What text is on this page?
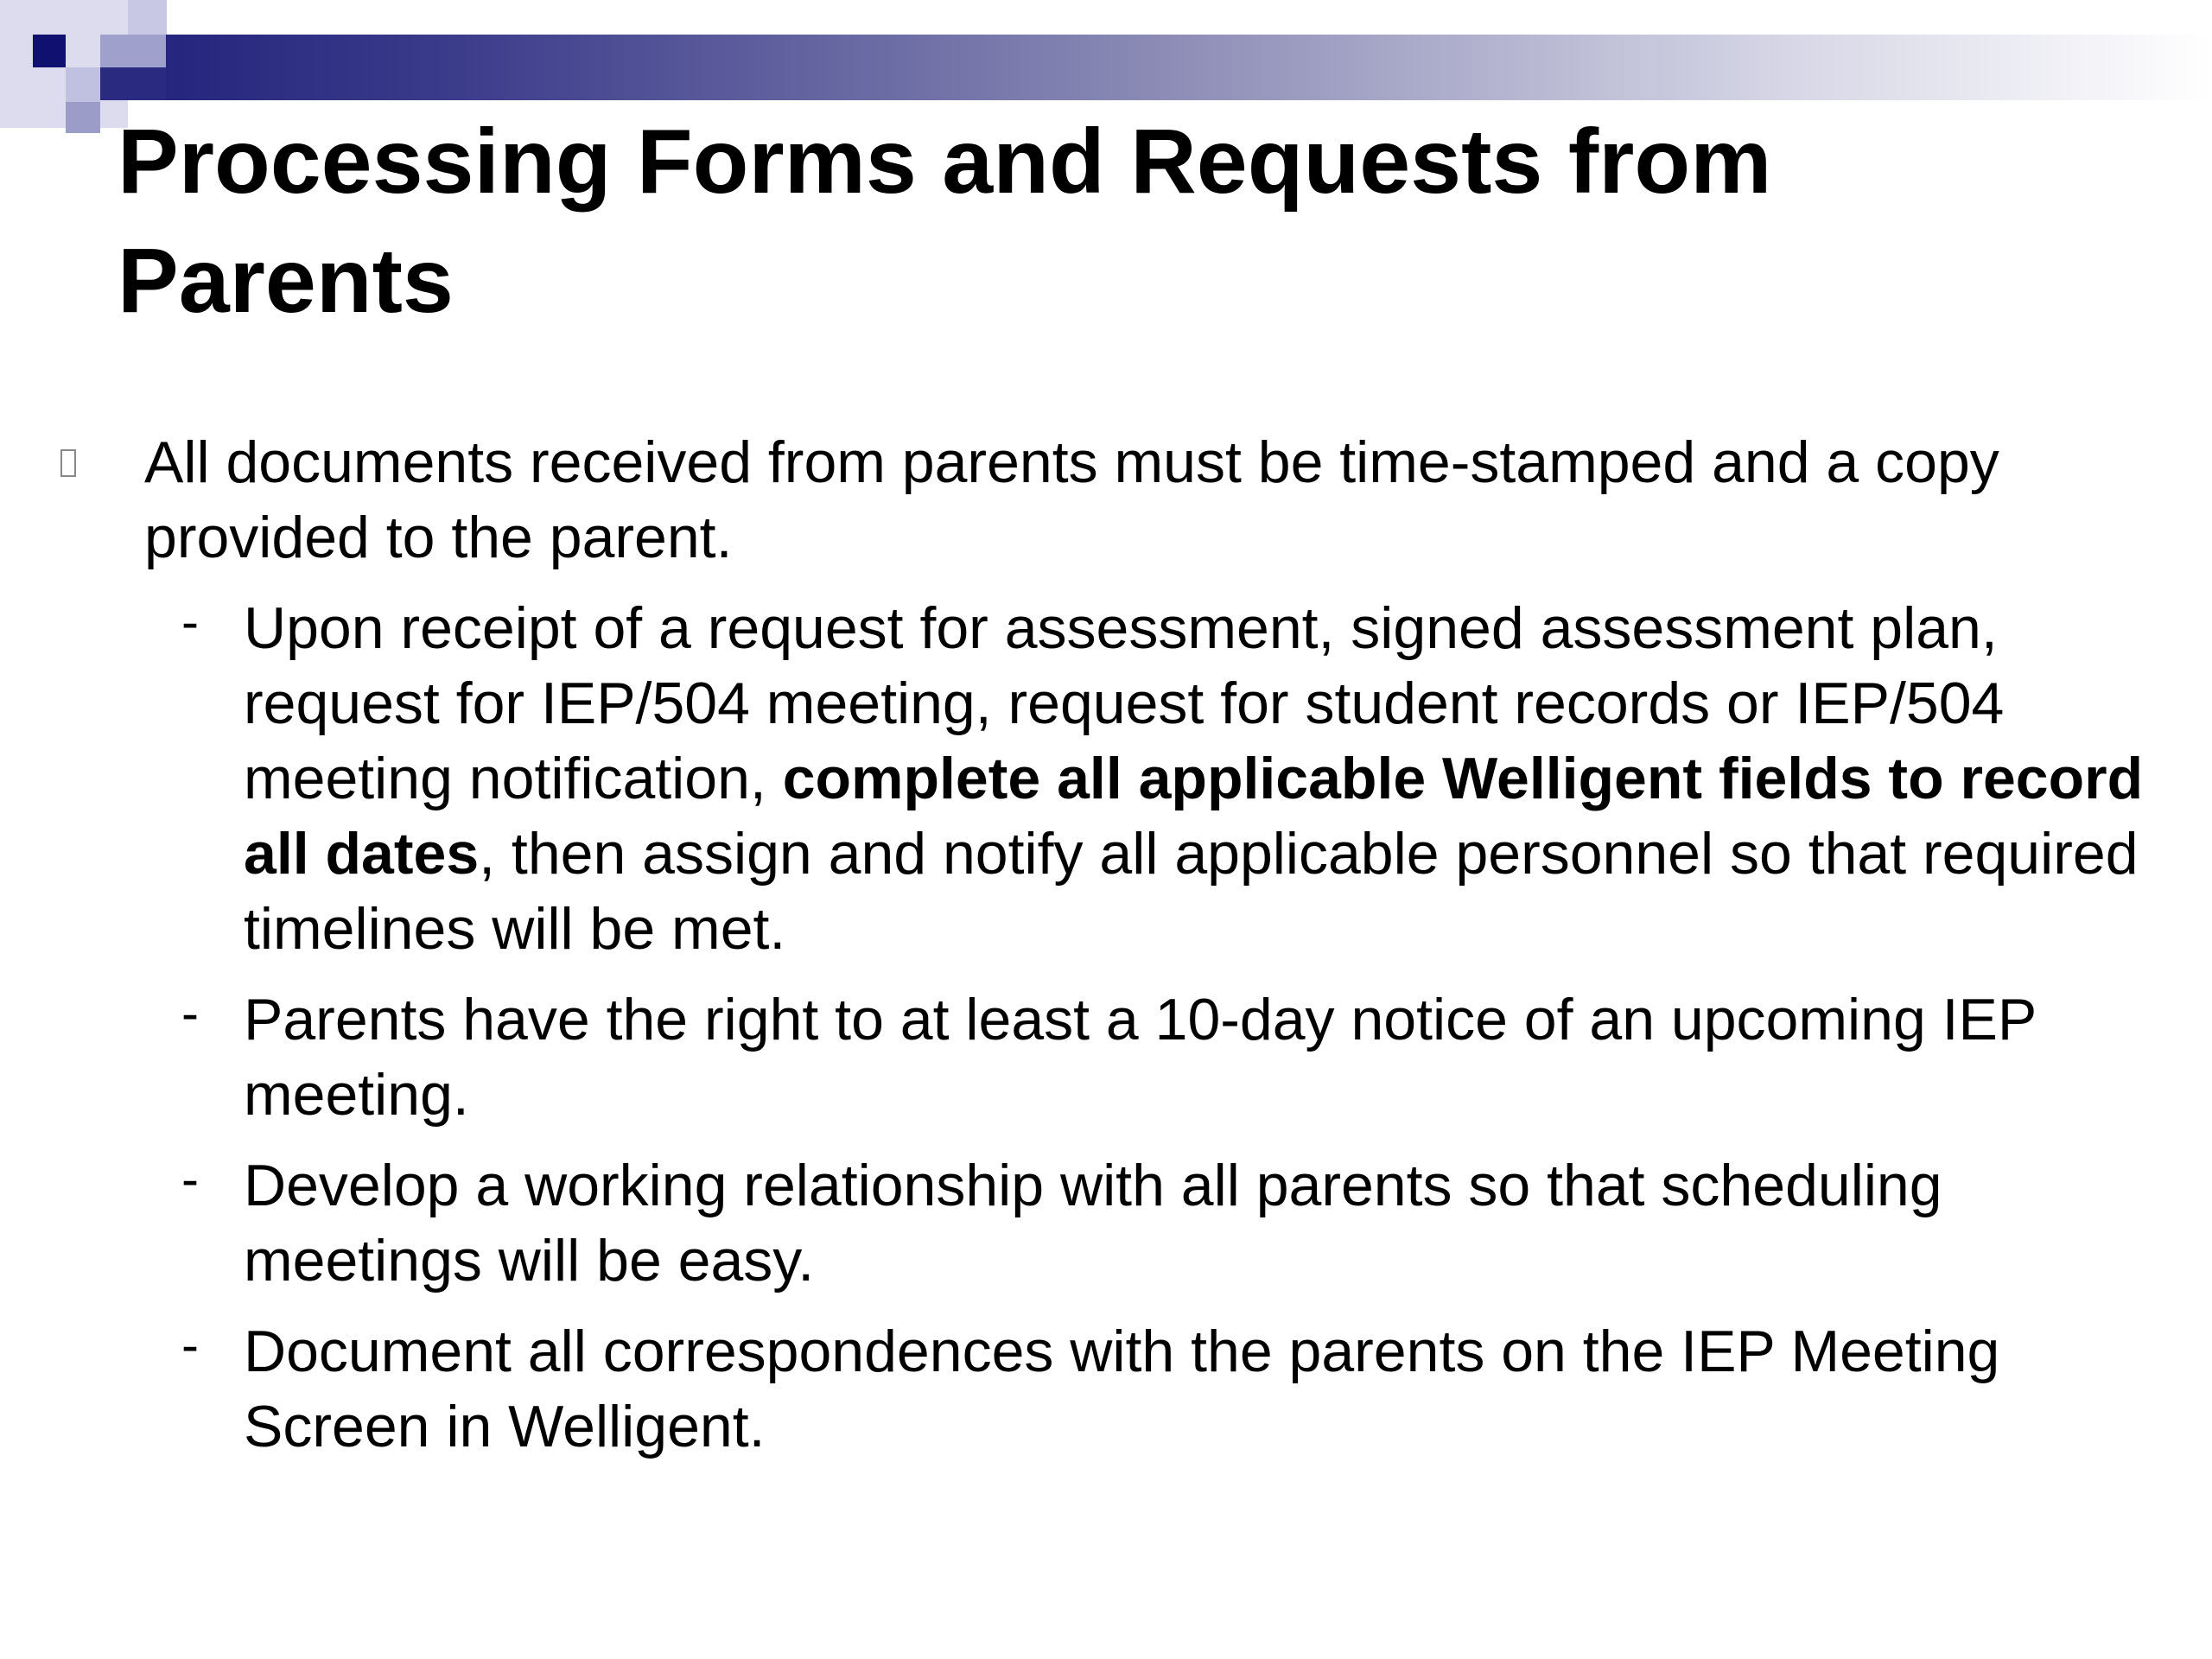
Processing Forms and Requests from Parents
All documents received from parents must be time-stamped and a copy provided to the parent.
- Upon receipt of a request for assessment, signed assessment plan, request for IEP/504 meeting, request for student records or IEP/504 meeting notification, complete all applicable Welligent fields to record all dates, then assign and notify all applicable personnel so that required timelines will be met.
- Parents have the right to at least a 10-day notice of an upcoming IEP meeting.
- Develop a working relationship with all parents so that scheduling meetings will be easy.
- Document all correspondences with the parents on the IEP Meeting Screen in Welligent.
